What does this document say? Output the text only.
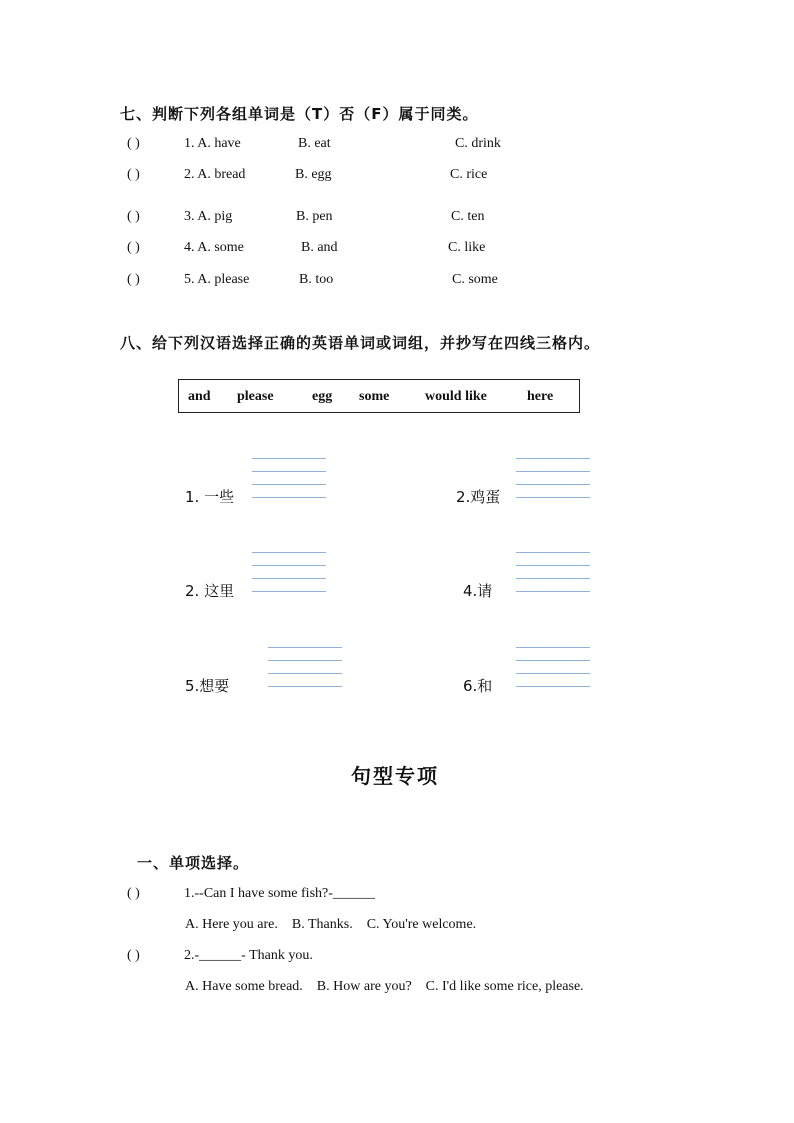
七、判断下列各组单词是（T）否（F）属于同类。
( )	1. A. have	B. eat	C. drink
( )	2. A. bread	B. egg	C. rice
( )	3. A. pig	B. pen	C. ten
( )	4. A. some	B. and	C. like
( )	5. A. please	B. too	C. some
八、给下列汉语选择正确的英语单词或词组，并抄写在四线三格内。
and please	egg some	would like	here
1. 一些	2.鸡蛋
2. 这里	4.请
5.想要	6.和
句型专项
一、单项选择。
( )	1.--Can I have some fish?-______
A. Here you are.    B. Thanks.    C. You're welcome.
( )	2.-______- Thank you.
A. Have some bread.    B. How are you?    C. I'd like some rice, please.
